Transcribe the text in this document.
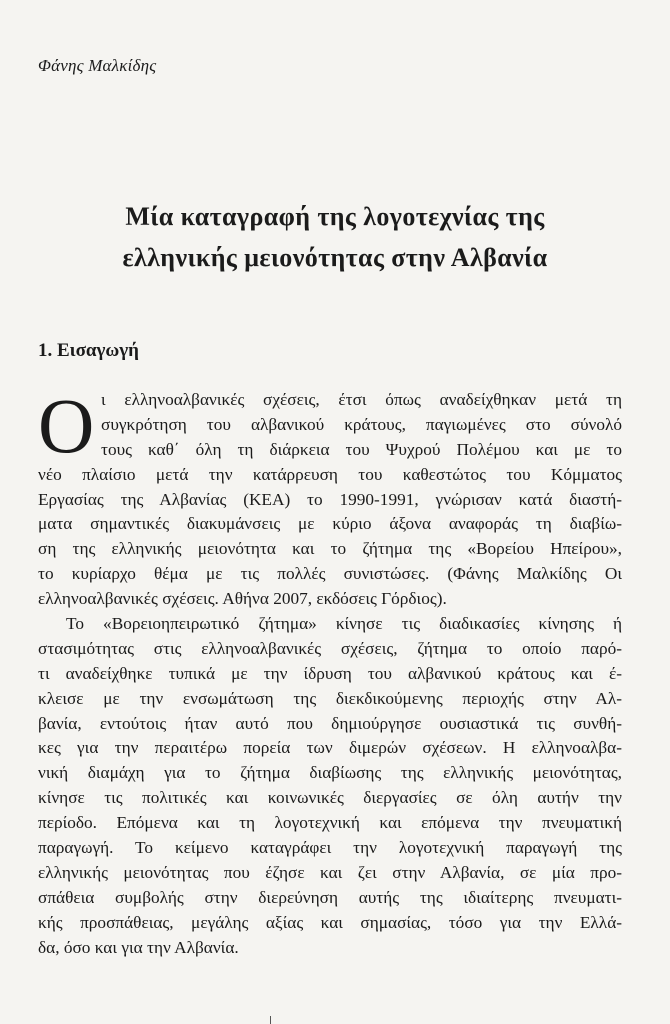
Φάνης Μαλκίδης
Μία καταγραφή της λογοτεχνίας της
ελληνικής μειονότητας στην Αλβανία
1. Εισαγωγή
Ο ι ελληνοαλβανικές σχέσεις, έτσι όπως αναδείχθηκαν μετά τη
συγκρότηση του αλβανικού κράτους, παγιωμένες στο σύνολό
τους καθ΄ όλη τη διάρκεια του Ψυχρού Πολέμου και με το
νέο πλαίσιο μετά την κατάρρευση του καθεστώτος του Κόμματος
Εργασίας της Αλβανίας (ΚΕΑ) το 1990-1991, γνώρισαν κατά διαστή-
ματα σημαντικές διακυμάνσεις με κύριο άξονα αναφοράς τη διαβίω-
ση της ελληνικής μειονότητα και το ζήτημα της «Βορείου Ηπείρου»,
το κυρίαρχο θέμα με τις πολλές συνιστώσες. (Φάνης Μαλκίδης Οι
ελληνοαλβανικές σχέσεις. Αθήνα 2007, εκδόσεις Γόρδιος).
Το «Βορειοηπειρωτικό ζήτημα» κίνησε τις διαδικασίες κίνησης ή
στασιμότητας στις ελληνοαλβανικές σχέσεις, ζήτημα το οποίο παρό-
τι αναδείχθηκε τυπικά με την ίδρυση του αλβανικού κράτους και έ-
κλεισε με την ενσωμάτωση της διεκδικούμενης περιοχής στην Αλ-
βανία, εντούτοις ήταν αυτό που δημιούργησε ουσιαστικά τις συνθή-
κες για την περαιτέρω πορεία των διμερών σχέσεων. Η ελληνοαλβα-
νική διαμάχη για το ζήτημα διαβίωσης της ελληνικής μειονότητας,
κίνησε τις πολιτικές και κοινωνικές διεργασίες σε όλη αυτήν την
περίοδο. Επόμενα και τη λογοτεχνική και επόμενα την πνευματική
παραγωγή. Το κείμενο καταγράφει την λογοτεχνική παραγωγή της
ελληνικής μειονότητας που έζησε και ζει στην Αλβανία, σε μία προ-
σπάθεια συμβολής στην διερεύνηση αυτής της ιδιαίτερης πνευματι-
κής προσπάθειας, μεγάλης αξίας και σημασίας, τόσο για την Ελλά-
δα, όσο και για την Αλβανία.
